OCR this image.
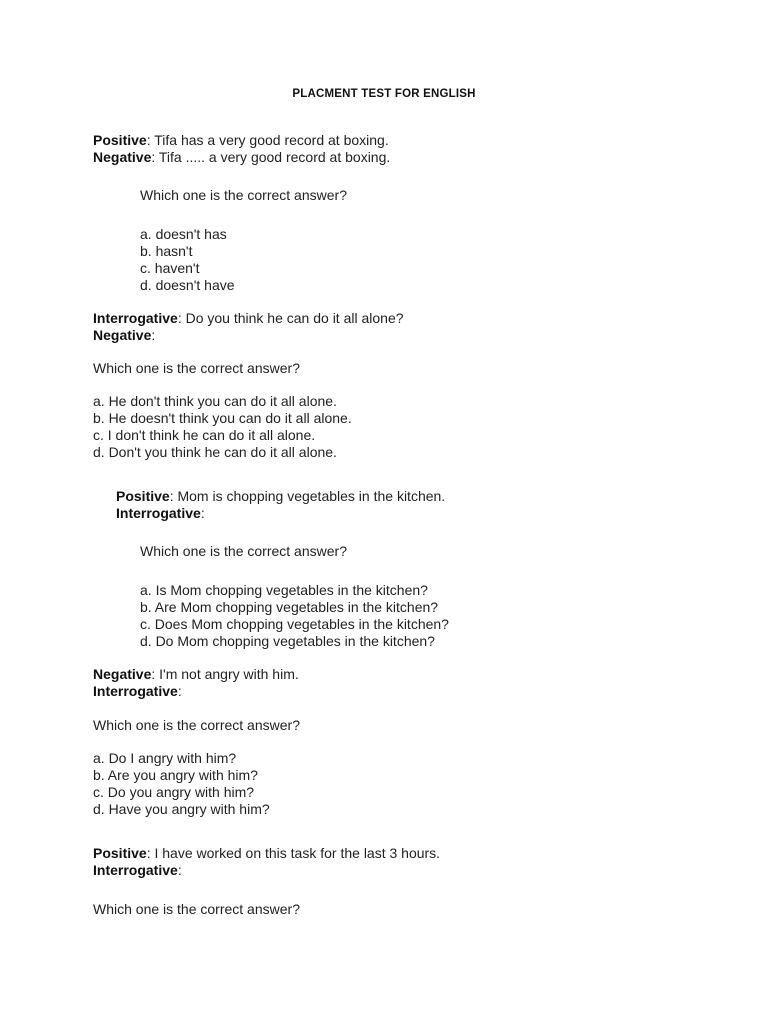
PLACMENT TEST FOR ENGLISH
Positive: Tifa has a very good record at boxing.
Negative: Tifa ..... a very good record at boxing.
Which one is the correct answer?
a. doesn't has
b. hasn't
c. haven't
d. doesn't have
Interrogative: Do you think he can do it all alone?
Negative:
Which one is the correct answer?
a. He don't think you can do it all alone.
b. He doesn't think you can do it all alone.
c. I don't think he can do it all alone.
d. Don't you think he can do it all alone.
Positive: Mom is chopping vegetables in the kitchen.
Interrogative:
Which one is the correct answer?
a. Is Mom chopping vegetables in the kitchen?
b. Are Mom chopping vegetables in the kitchen?
c. Does Mom chopping vegetables in the kitchen?
d. Do Mom chopping vegetables in the kitchen?
Negative: I'm not angry with him.
Interrogative:
Which one is the correct answer?
a. Do I angry with him?
b. Are you angry with him?
c. Do you angry with him?
d. Have you angry with him?
Positive: I have worked on this task for the last 3 hours.
Interrogative:
Which one is the correct answer?
